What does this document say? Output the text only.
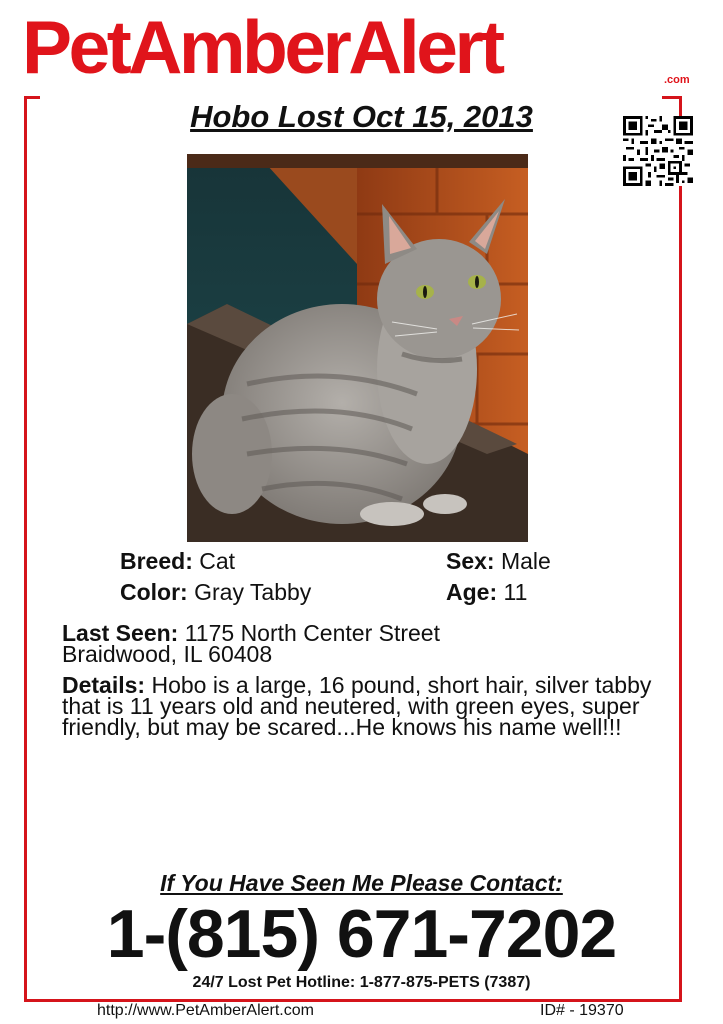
PetAmberAlert	.com
Hobo Lost Oct 15, 2013
Breed: Cat	Sex: Male
Color: Gray Tabby	Age: 11
Last Seen: 1175 North Center Street
Braidwood, IL 60408
Details: Hobo is a large, 16 pound, short hair, silver tabby that is 11 years old and neutered, with green eyes, super friendly, but may be scared...He knows his name well!!!
If You Have Seen Me Please Contact:
1-(815) 671-7202
24/7 Lost Pet Hotline: 1-877-875-PETS (7387)
http://www.PetAmberAlert.com	ID# - 19370
